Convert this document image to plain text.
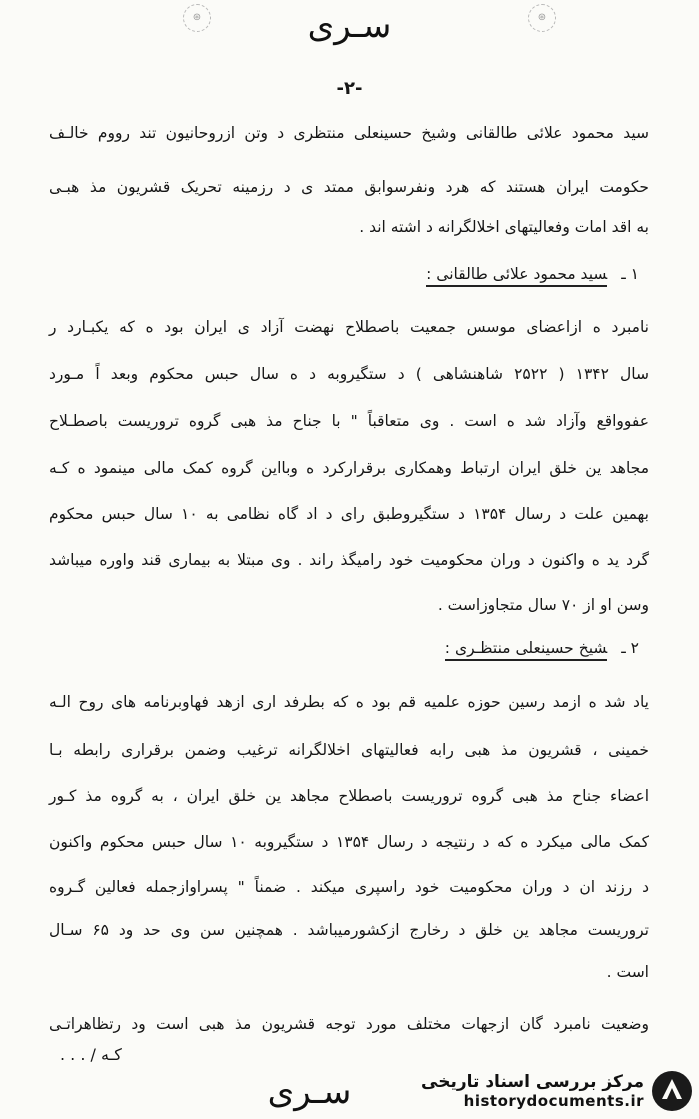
⊛	⊛
سـری
-۲-
سید محمود علائی طالقانی وشیخ حسینعلی منتظری د وتن ازروحانیون تند رووم خالـف
حکومت ایران هستند که هرد ونفرسوابق ممتد ی د رزمینه تحریک قشریون مذ هبـی
به اقد امات وفعالیتهای اخلالگرانه د اشته اند .
۱ ـسید محمود علائی طالقانی :
نامبرد ه ازاعضای موسس جمعیت باصطلاح نهضت آزاد ی ایران بود ه که یکبـارد ر
سال ۱۳۴۲ ( ۲۵۲۲ شاهنشاهی ) د ستگیروبه د ه سال حبس محکوم وبعد اً مـورد
عفوواقع وآزاد شد ه است . وی متعاقباً " با جناح مذ هبی گروه تروریست باصطـلاح
مجاهد ین خلق ایران ارتباط وهمکاری برقرارکرد ه وبااین گروه کمک مالی مینمود ه کـه
بهمین علت د رسال ۱۳۵۴ د ستگیروطبق رای د اد گاه نظامی به ۱۰ سال حبس محکوم
گرد ید ه واکنون د وران محکومیت خود رامیگذ راند . وی مبتلا به بیماری قند واوره میباشد
وسن او از ۷۰ سال متجاوزاست .
۲ ـشیخ حسینعلی منتظـری :
یاد شد ه ازمد رسین حوزه علمیه قم بود ه که بطرفد اری ازهد فهاوبرنامه های روح الـه
خمینی ، قشریون مذ هبی رابه فعالیتهای اخلالگرانه ترغیب وضمن برقراری رابطه بـا
اعضاء جناح مذ هبی گروه تروریست باصطلاح مجاهد ین خلق ایران ، به گروه مذ کـور
کمک مالی میکرد ه که د رنتیجه د رسال ۱۳۵۴ د ستگیروبه ۱۰ سال حبس محکوم واکنون
د رزند ان د وران محکومیت خود راسپری میکند . ضمناً " پسراوازجمله فعالین گـروه
تروریست مجاهد ین خلق د رخارج ازکشورمیباشد . همچنین سن وی حد ود ۶۵ سـال
است .
وضعیت نامبرد گان ازجهات مختلف مورد توجه قشریون مذ هبی است ود رتظاهراتـی
کـه / . . .
سـری	مرکز بررسی اسناد تاریخی
historydocuments.ir
